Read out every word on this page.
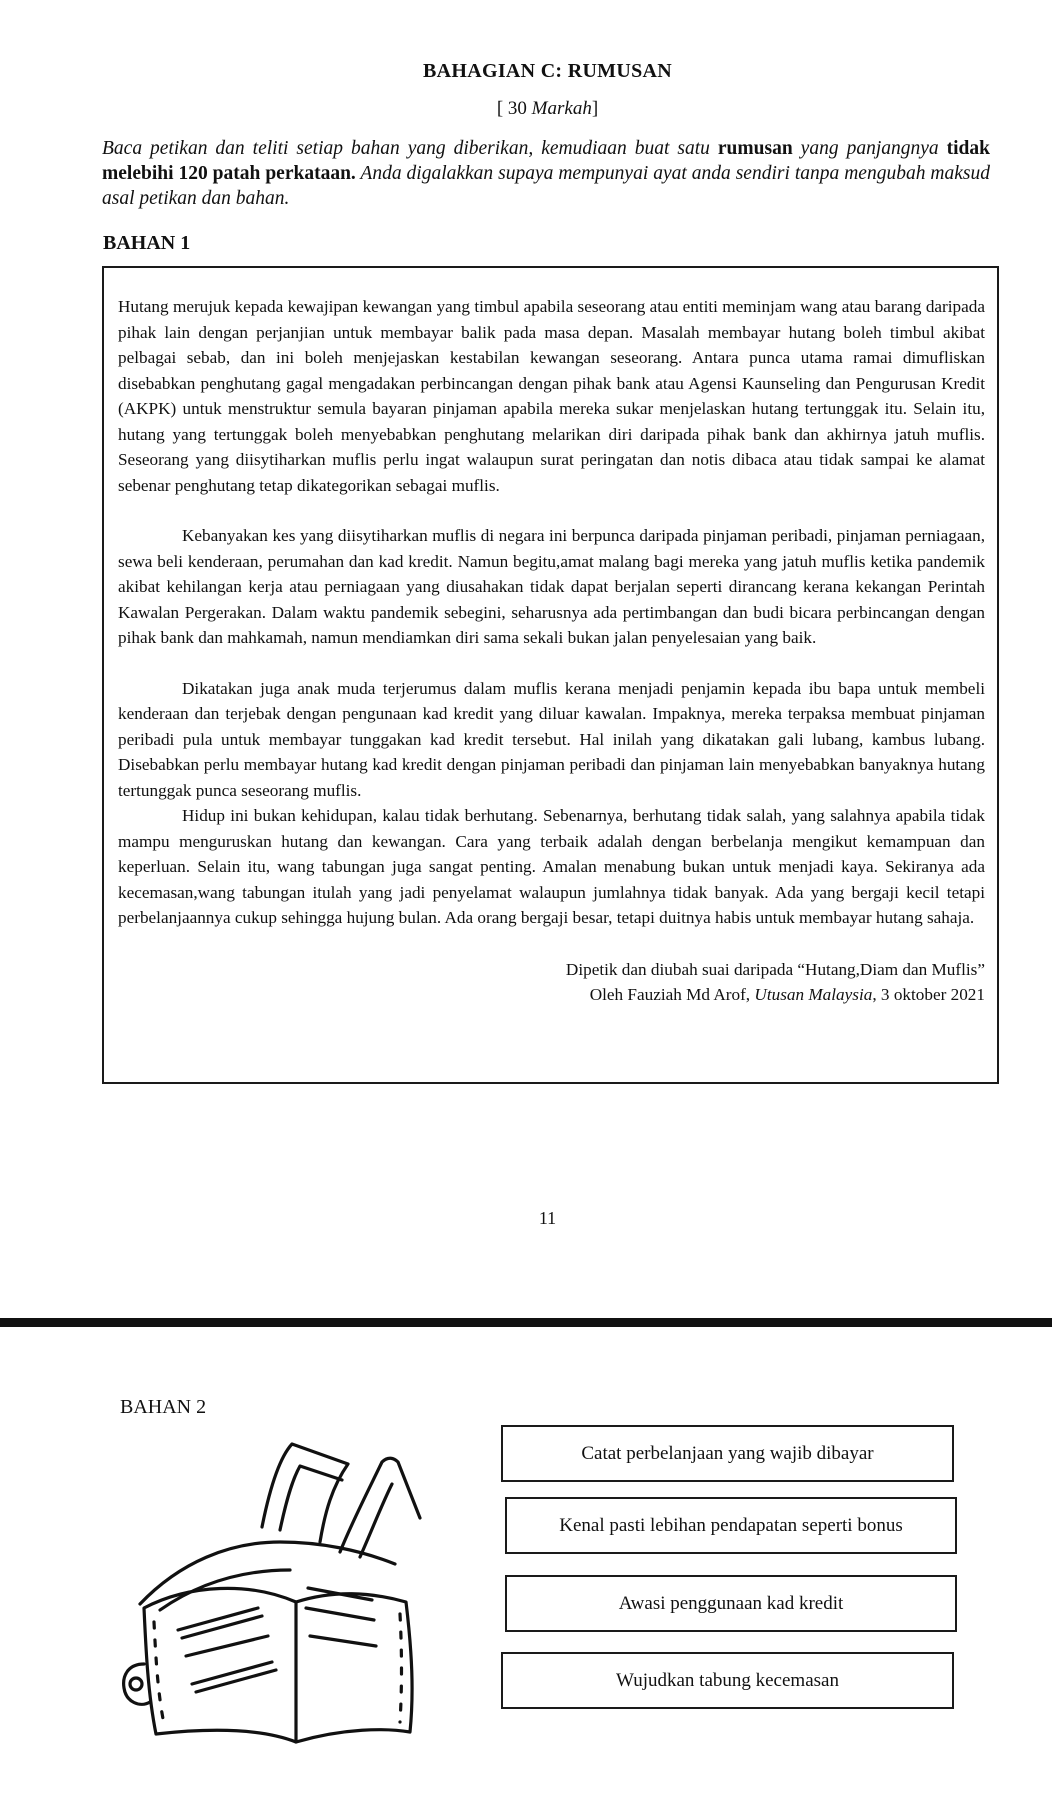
BAHAGIAN C: RUMUSAN
[ 30 Markah]
Baca petikan dan teliti setiap bahan yang diberikan, kemudiaan buat satu rumusan yang panjangnya tidak melebihi 120 patah perkataan. Anda digalakkan supaya mempunyai ayat anda sendiri tanpa mengubah maksud asal petikan dan bahan.
BAHAN 1

Hutang merujuk kepada kewajipan kewangan yang timbul apabila seseorang atau entiti meminjam wang atau barang daripada pihak lain dengan perjanjian untuk membayar balik pada masa depan. Masalah membayar hutang boleh timbul akibat pelbagai sebab, dan ini boleh menjejaskan kestabilan kewangan seseorang. Antara punca utama ramai dimufliskan disebabkan penghutang gagal mengadakan perbincangan dengan pihak bank atau Agensi Kaunseling dan Pengurusan Kredit (AKPK) untuk menstruktur semula bayaran pinjaman apabila mereka sukar menjelaskan hutang tertunggak itu. Selain itu, hutang yang tertunggak boleh menyebabkan penghutang melarikan diri daripada pihak bank dan akhirnya jatuh muflis. Seseorang yang diisytiharkan muflis perlu ingat walaupun surat peringatan dan notis dibaca atau tidak sampai ke alamat sebenar penghutang tetap dikategorikan sebagai muflis.

Kebanyakan kes yang diisytiharkan muflis di negara ini berpunca daripada pinjaman peribadi, pinjaman perniagaan, sewa beli kenderaan, perumahan dan kad kredit. Namun begitu,amat malang bagi mereka yang jatuh muflis ketika pandemik akibat kehilangan kerja atau perniagaan yang diusahakan tidak dapat berjalan seperti dirancang kerana kekangan Perintah Kawalan Pergerakan. Dalam waktu pandemik sebegini, seharusnya ada pertimbangan dan budi bicara perbincangan dengan pihak bank dan mahkamah, namun mendiamkan diri sama sekali bukan jalan penyelesaian yang baik.

Dikatakan juga anak muda terjerumus dalam muflis kerana menjadi penjamin kepada ibu bapa untuk membeli kenderaan dan terjebak dengan pengunaan kad kredit yang diluar kawalan. Impaknya, mereka terpaksa membuat pinjaman peribadi pula untuk membayar tunggakan kad kredit tersebut. Hal inilah yang dikatakan gali lubang, kambus lubang. Disebabkan perlu membayar hutang kad kredit dengan pinjaman peribadi dan pinjaman lain menyebabkan banyaknya hutang tertunggak punca seseorang muflis.

Hidup ini bukan kehidupan, kalau tidak berhutang. Sebenarnya, berhutang tidak salah, yang salahnya apabila tidak mampu menguruskan hutang dan kewangan. Cara yang terbaik adalah dengan berbelanja mengikut kemampuan dan keperluan. Selain itu, wang tabungan juga sangat penting. Amalan menabung bukan untuk menjadi kaya. Sekiranya ada kecemasan,wang tabungan itulah yang jadi penyelamat walaupun jumlahnya tidak banyak. Ada yang bergaji kecil tetapi perbelanjaannya cukup sehingga hujung bulan. Ada orang bergaji besar, tetapi duitnya habis untuk membayar hutang sahaja.

Dipetik dan diubah suai daripada “Hutang,Diam dan Muflis”
Oleh Fauziah Md Arof, Utusan Malaysia, 3 oktober 2021
11
BAHAN 2
Catat perbelanjaan yang wajib dibayar
Kenal pasti lebihan pendapatan seperti bonus
Awasi penggunaan kad kredit
Wujudkan tabung kecemasan
